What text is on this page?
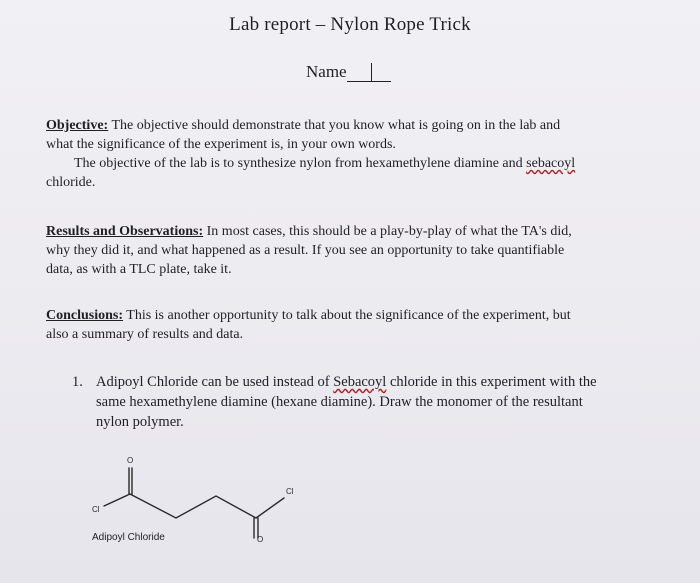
Lab report – Nylon Rope Trick
Name
Objective: The objective should demonstrate that you know what is going on in the lab and
what the significance of the experiment is, in your own words.
The objective of the lab is to synthesize nylon from hexamethylene diamine and sebacoyl
chloride.
Results and Observations: In most cases, this should be a play-by-play of what the TA's did,
why they did it, and what happened as a result. If you see an opportunity to take quantifiable
data, as with a TLC plate, take it.
Conclusions: This is another opportunity to talk about the significance of the experiment, but
also a summary of results and data.
1. Adipoyl Chloride can be used instead of Sebacoyl chloride in this experiment with the
same hexamethylene diamine (hexane diamine). Draw the monomer of the resultant
nylon polymer.
O
Cl
Cl
O
Adipoyl Chloride
